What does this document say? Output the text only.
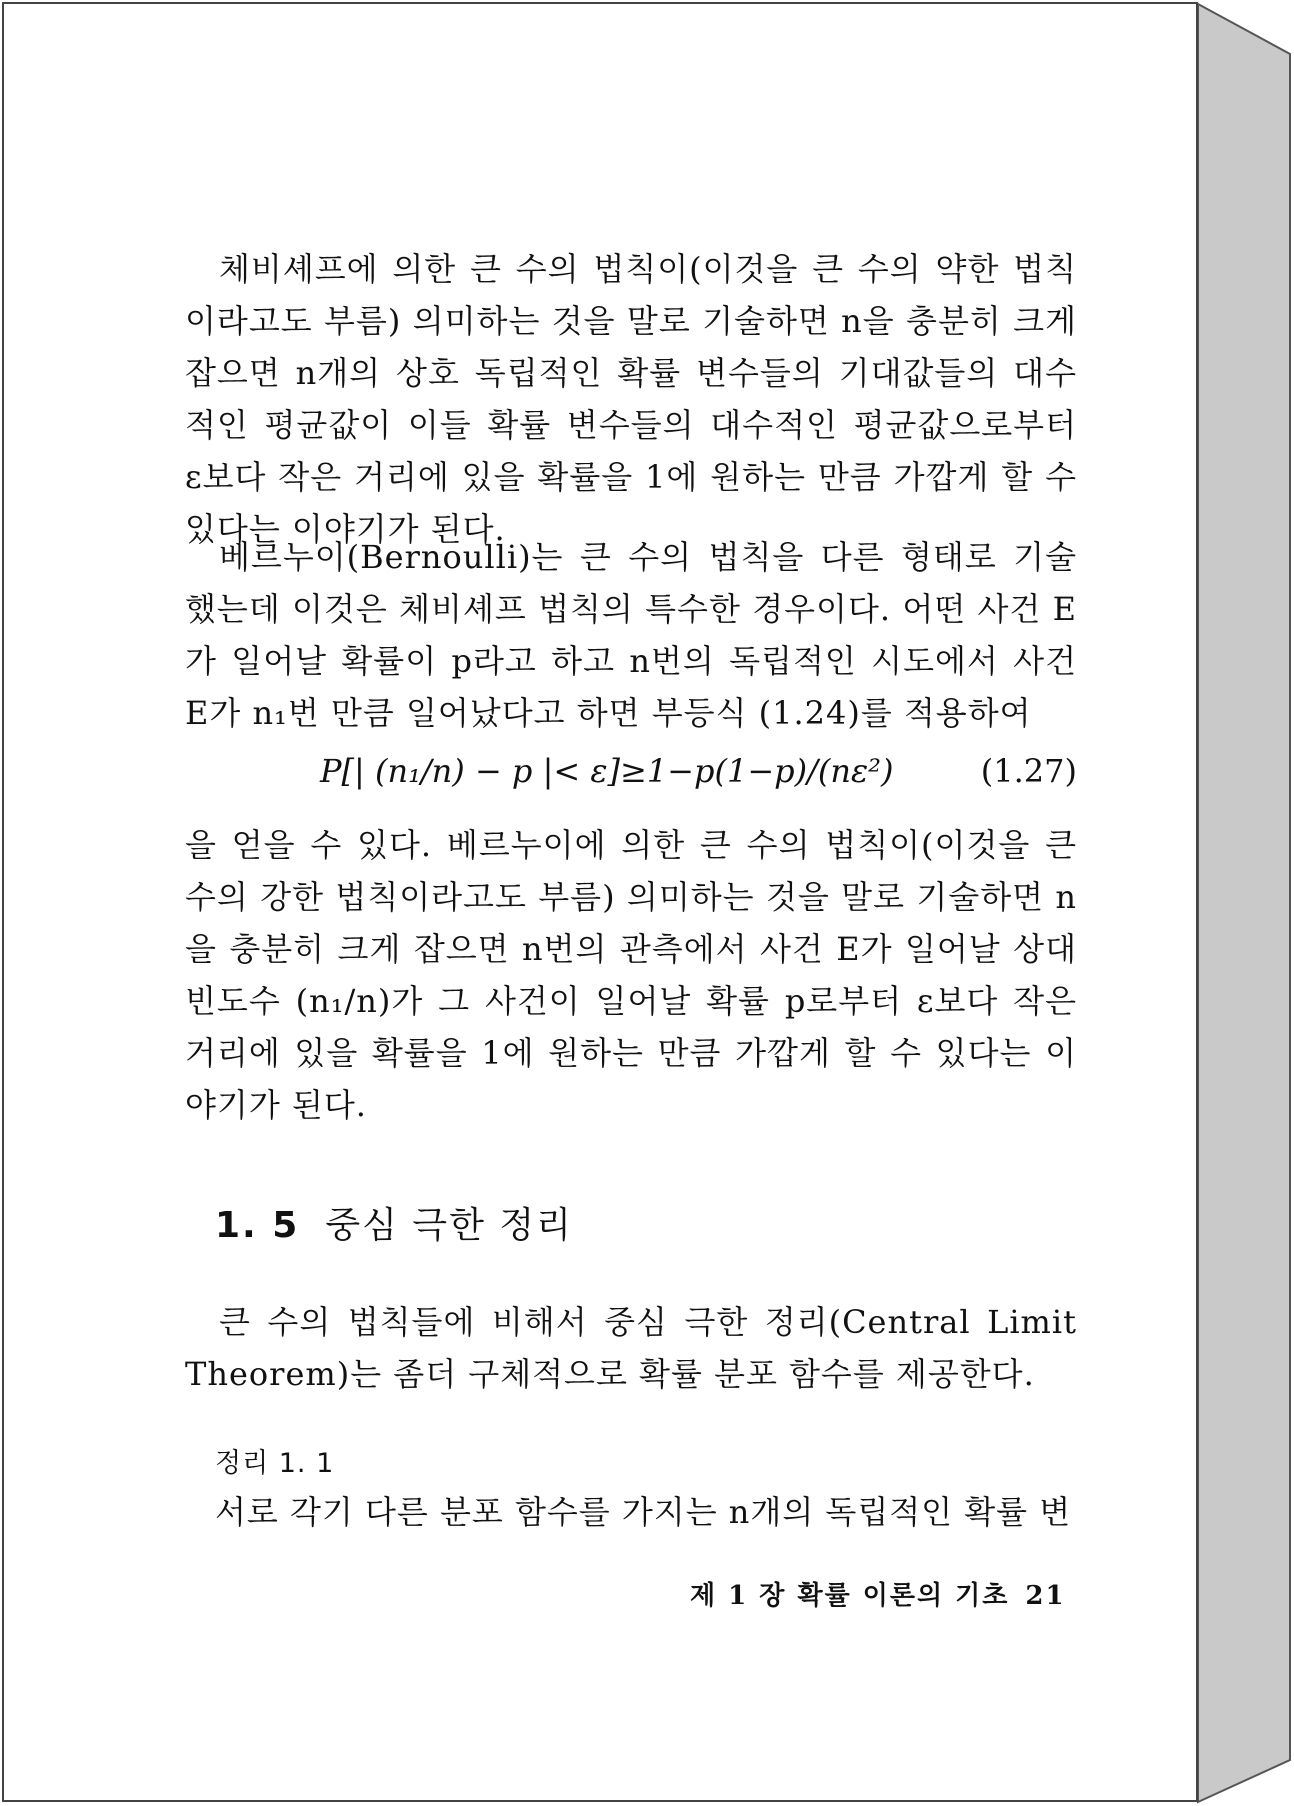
체비셰프에 의한 큰 수의 법칙이(이것을 큰 수의 약한 법칙이라고도 부름) 의미하는 것을 말로 기술하면 n을 충분히 크게 잡으면 n개의 상호 독립적인 확률 변수들의 기대값들의 대수적인 평균값이 이들 확률 변수들의 대수적인 평균값으로부터 ε보다 작은 거리에 있을 확률을 1에 원하는 만큼 가깝게 할 수 있다는 이야기가 된다.
베르누이(Bernoulli)는 큰 수의 법칙을 다른 형태로 기술했는데 이것은 체비셰프 법칙의 특수한 경우이다. 어떤 사건 E가 일어날 확률이 p라고 하고 n번의 독립적인 시도에서 사건 E가 n₁번 만큼 일어났다고 하면 부등식 (1.24)를 적용하여
P[| (n₁/n) − p |< ε]≥1−p(1−p)/(nε²)	(1.27)
을 얻을 수 있다. 베르누이에 의한 큰 수의 법칙이(이것을 큰 수의 강한 법칙이라고도 부름) 의미하는 것을 말로 기술하면 n을 충분히 크게 잡으면 n번의 관측에서 사건 E가 일어날 상대 빈도수 (n₁/n)가 그 사건이 일어날 확률 p로부터 ε보다 작은 거리에 있을 확률을 1에 원하는 만큼 가깝게 할 수 있다는 이야기가 된다.
1. 5 중심 극한 정리
큰 수의 법칙들에 비해서 중심 극한 정리(Central Limit Theorem)는 좀더 구체적으로 확률 분포 함수를 제공한다.
정리 1. 1
서로 각기 다른 분포 함수를 가지는 n개의 독립적인 확률 변
제 1 장 확률 이론의 기초 21
